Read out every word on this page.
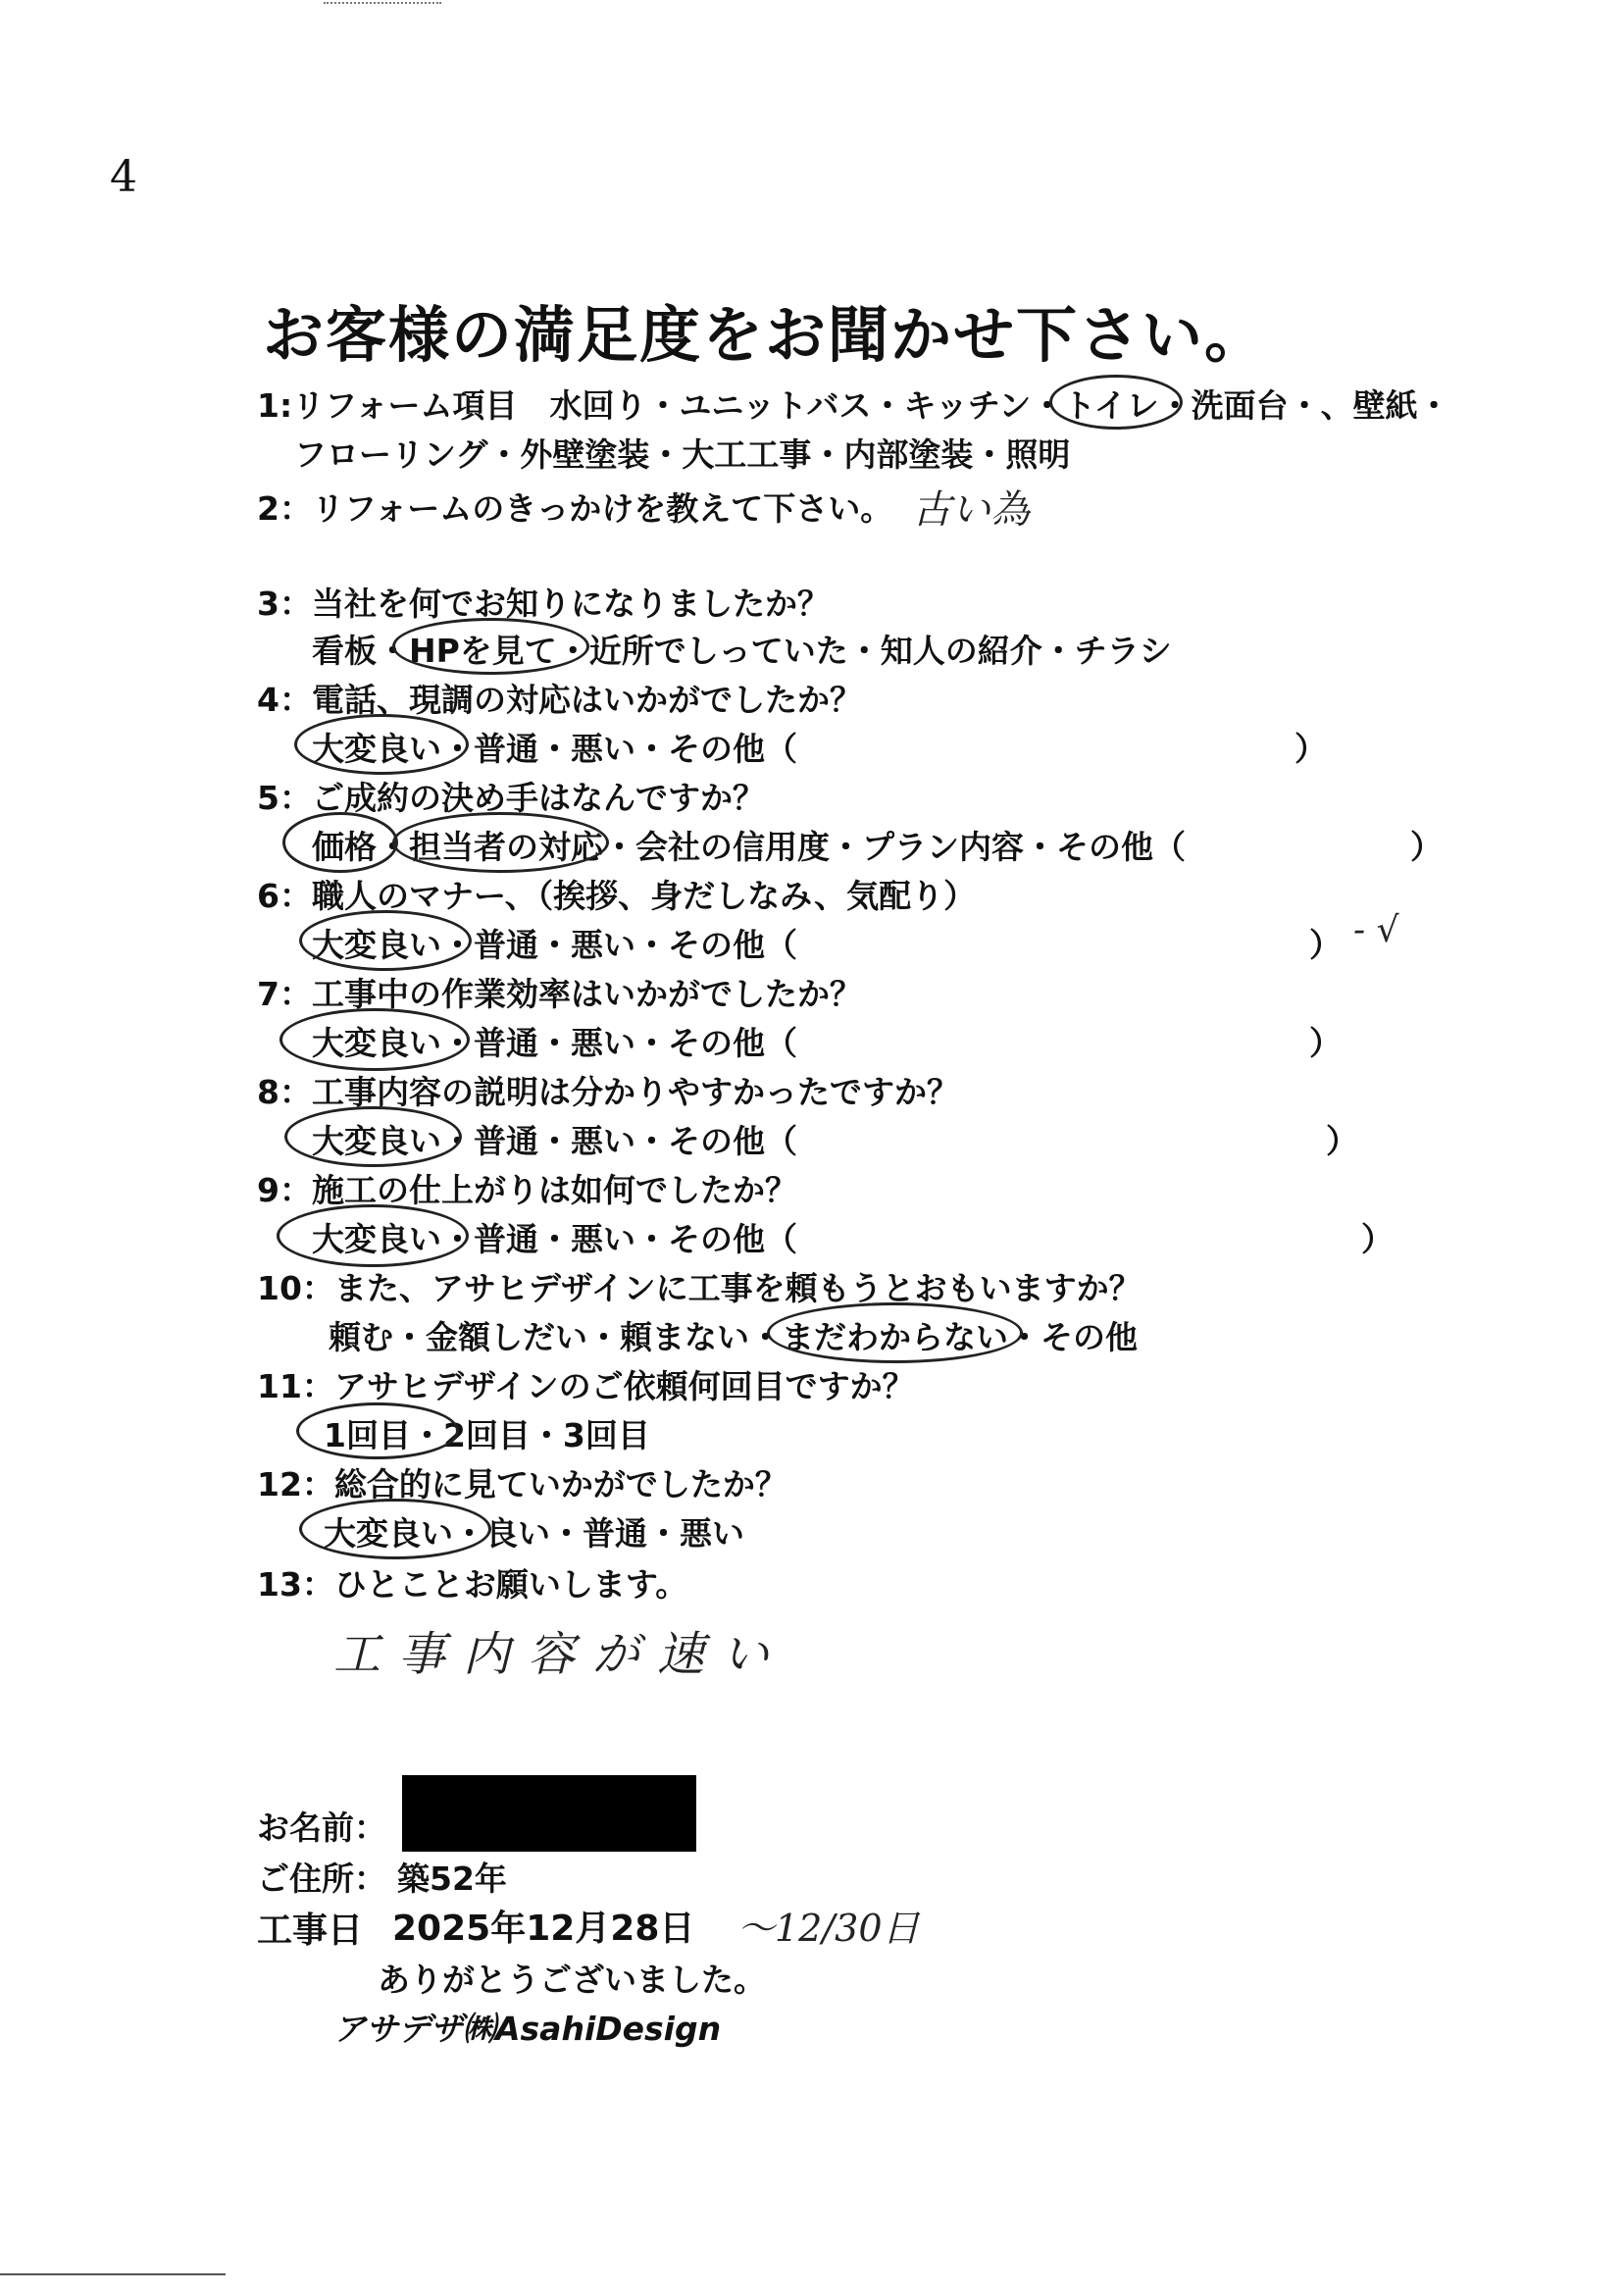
4
お客様の満足度をお聞かせ下さい。
1:リフォーム項目　水回り・ユニットバス・キッチン・トイレ・洗面台・、壁紙・
フローリング・外壁塗装・大工工事・内部塗装・照明
2：リフォームのきっかけを教えて下さい。 古い為
3：当社を何でお知りになりましたか？
看板・HPを見て・近所でしっていた・知人の紹介・チラシ
4：電話、現調の対応はいかがでしたか？
大変良い・普通・悪い・その他（	）
5：ご成約の決め手はなんですか？
価格・担当者の対応・会社の信用度・プラン内容・その他（	）
6：職人のマナー、（挨拶、身だしなみ、気配り）
大変良い・普通・悪い・その他（	） - √
7：工事中の作業効率はいかがでしたか？
大変良い・普通・悪い・その他（	）
8：工事内容の説明は分かりやすかったですか？
大変良い・普通・悪い・その他（	）
9：施工の仕上がりは如何でしたか？
大変良い・普通・悪い・その他（	）
10：また、アサヒデザインに工事を頼もうとおもいますか？
頼む・金額しだい・頼まない・まだわからない・その他
11：アサヒデザインのご依頼何回目ですか？
1回目・2回目・3回目
12：総合的に見ていかがでしたか？
大変良い・良い・普通・悪い
13：ひとことお願いします。
工事内容が速い
お名前：
ご住所： 築52年
工事日 2025年12月28日 〜12/30日
ありがとうございました。
アサデザ㈱AsahiDesign
